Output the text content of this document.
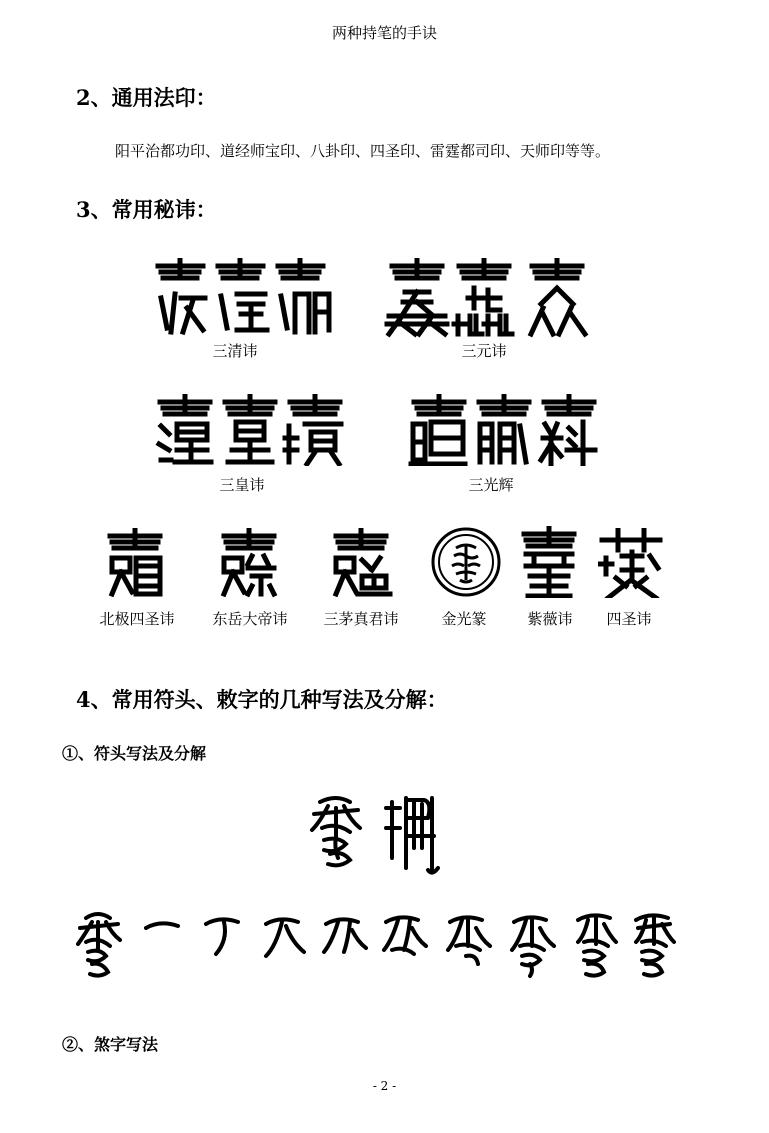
两种持笔的手诀
2、通用法印：
阳平治都功印、道经师宝印、八卦印、四圣印、雷霆都司印、天师印等等。
3、常用秘讳：
三清讳	三元讳
三皇讳	三光辉
北极四圣讳	东岳大帝讳	三茅真君讳	金光篆	紫薇讳	四圣讳
4、常用符头、敕字的几种写法及分解：
①、符头写法及分解
②、煞字写法
- 2 -
